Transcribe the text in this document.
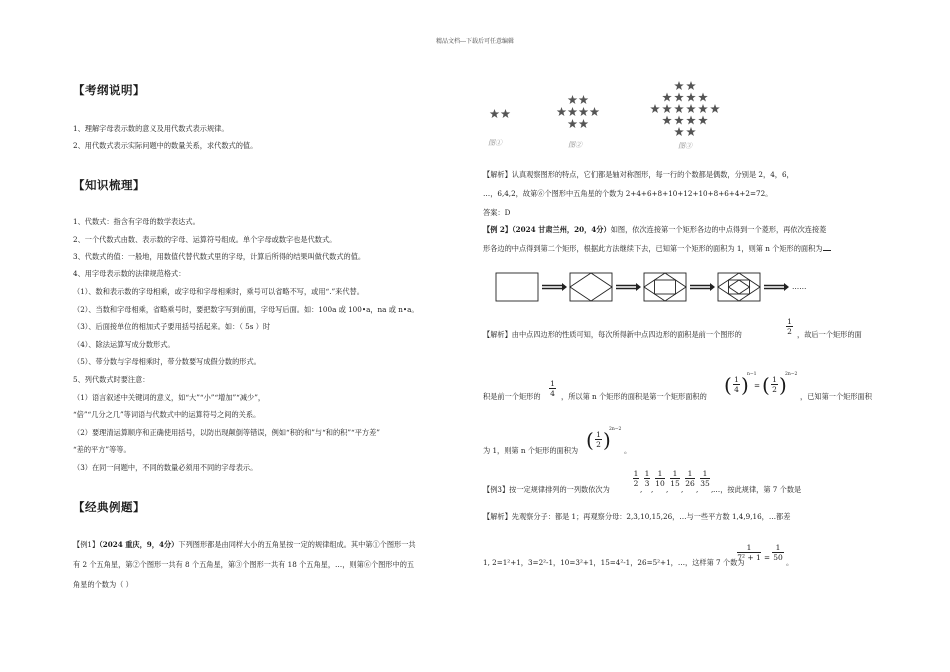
精品文档---下载后可任意编辑
【考纲说明】
1、理解字母表示数的意义及用代数式表示规律。
2、用代数式表示实际问题中的数量关系，求代数式的值。
【知识梳理】
1、代数式：指含有字母的数学表达式。
2、一个代数式由数、表示数的字母、运算符号组成。单个字母或数字也是代数式。
3、代数式的值：一般地，用数值代替代数式里的字母，计算后所得的结果叫做代数式的值。
4、用字母表示数的法律规范格式：
（1）、数和表示数的字母相乘，或字母和字母相乘时，乘号可以省略不写，或用“.”来代替。
（2）、当数和字母相乘，省略乘号时，要把数字写到前面，字母写后面。如：100a 或 100•a，na 或 n•a。
（3）、后面接单位的相加式子要用括号括起来。如：（ 5s ）时
（4）、除法运算写成分数形式。
（5）、带分数与字母相乘时，带分数要写成假分数的形式。
5、列代数式时要注意：
（1）语言叙述中关键词的意义，如“大”“小”“增加”“减少”，
“倍”“几分之几”等词语与代数式中的运算符号之间的关系。
（2）要理清运算顺序和正确使用括号，以防出现颠倒等错误，例如“积的和”与“和的积”“平方差”
“差的平方”等等。
（3）在同一问题中，不同的数量必须用不同的字母表示。
【经典例题】
【例1】（2024 重庆，9，4分）下列图形都是由同样大小的五角星按一定的规律组成。其中第①个图形一共
有 2 个五角星，第②个图形一共有 8 个五角星，第③个图形一共有 18 个五角星，…，则第⑥个图形中的五
角星的个数为（ ）
图①	图②	图③
【解析】认真观察图形的特点，它们都是轴对称图形，每一行的个数都是偶数，分别是 2，4，6，
…，6,4,2，故第⑥个图形中五角星的个数为 2+4+6+8+10+12+10+8+6+4+2=72。
答案：D
【例 2】（2024 甘肃兰州，20，4分）如图，依次连接第一个矩形各边的中点得到一个菱形，再依次连接菱
形各边的中点得到第二个矩形，根据此方法继续下去，已知第一个矩形的面积为 1，则第 n 个矩形的面积为
……
【解析】由中点四边形的性质可知，每次所得新中点四边形的面积是前一个图形的
1
2 ，故后一个矩形的面
积是前一个矩形的
1
4 ，所以第 n 个矩形的面积是第一个矩形面积的 ( 1
4 )
n−1
= ( 1
2 )
2n−2
，已知第一个矩形面积
为 1，则第 n 个矩形的面积为 ( 1
2 )
2n−2
。
【例3】按一定规律排列的一列数依次为
1
2
,
1
3
,
1
10
,
1
15
,
1
26
,
1
35
, …，按此规律，第 7 个数是
【解析】先观察分子：都是 1；再观察分母：2,3,10,15,26，…与一些平方数 1,4,9,16，…都差
1, 2=1²+1，3=2²-1，10=3²+1，15=4²-1，26=5²+1，…，这样第 7 个数为
1
7² + 1 =
1
50
。
